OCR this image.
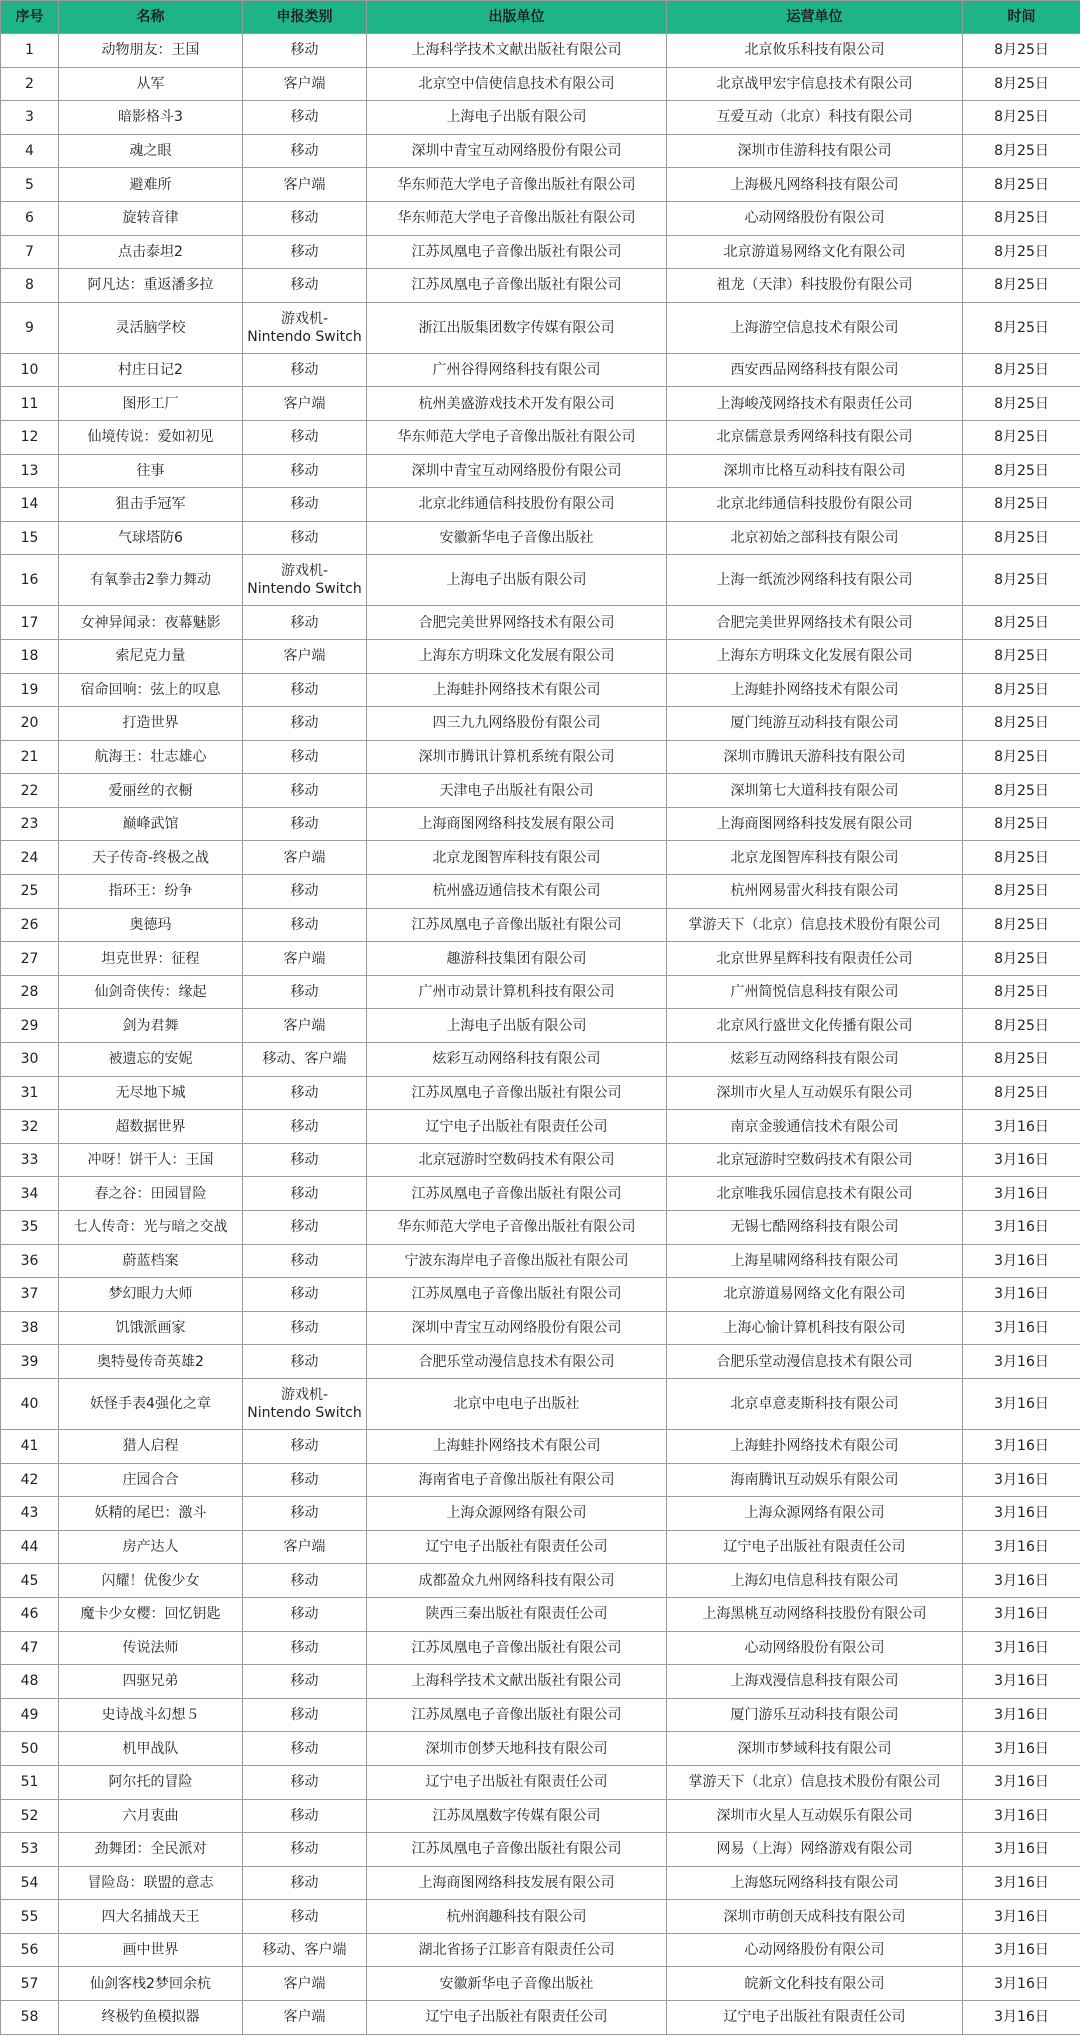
序号	名称	申报类别	出版单位	运营单位	时间
1	动物朋友：王国	移动	上海科学技术文献出版社有限公司	北京攸乐科技有限公司	8月25日
2	从军	客户端	北京空中信使信息技术有限公司	北京战甲宏宇信息技术有限公司	8月25日
3	暗影格斗3	移动	上海电子出版有限公司	互爱互动（北京）科技有限公司	8月25日
4	魂之眼	移动	深圳中青宝互动网络股份有限公司	深圳市佳游科技有限公司	8月25日
5	避难所	客户端	华东师范大学电子音像出版社有限公司	上海极凡网络科技有限公司	8月25日
6	旋转音律	移动	华东师范大学电子音像出版社有限公司	心动网络股份有限公司	8月25日
7	点击泰坦2	移动	江苏凤凰电子音像出版社有限公司	北京游道易网络文化有限公司	8月25日
8	阿凡达：重返潘多拉	移动	江苏凤凰电子音像出版社有限公司	祖龙（天津）科技股份有限公司	8月25日
9	灵活脑学校	游戏机-
Nintendo Switch	浙江出版集团数字传媒有限公司	上海游空信息技术有限公司	8月25日
10	村庄日记2	移动	广州谷得网络科技有限公司	西安西品网络科技有限公司	8月25日
11	图形工厂	客户端	杭州美盛游戏技术开发有限公司	上海峻茂网络技术有限责任公司	8月25日
12	仙境传说：爱如初见	移动	华东师范大学电子音像出版社有限公司	北京儒意景秀网络科技有限公司	8月25日
13	往事	移动	深圳中青宝互动网络股份有限公司	深圳市比格互动科技有限公司	8月25日
14	狙击手冠军	移动	北京北纬通信科技股份有限公司	北京北纬通信科技股份有限公司	8月25日
15	气球塔防6	移动	安徽新华电子音像出版社	北京初始之部科技有限公司	8月25日
16	有氧拳击2拳力舞动	游戏机-
Nintendo Switch	上海电子出版有限公司	上海一纸流沙网络科技有限公司	8月25日
17	女神异闻录：夜幕魅影	移动	合肥完美世界网络技术有限公司	合肥完美世界网络技术有限公司	8月25日
18	索尼克力量	客户端	上海东方明珠文化发展有限公司	上海东方明珠文化发展有限公司	8月25日
19	宿命回响：弦上的叹息	移动	上海蛙扑网络技术有限公司	上海蛙扑网络技术有限公司	8月25日
20	打造世界	移动	四三九九网络股份有限公司	厦门纯游互动科技有限公司	8月25日
21	航海王：壮志雄心	移动	深圳市腾讯计算机系统有限公司	深圳市腾讯天游科技有限公司	8月25日
22	爱丽丝的衣橱	移动	天津电子出版社有限公司	深圳第七大道科技有限公司	8月25日
23	巅峰武馆	移动	上海商图网络科技发展有限公司	上海商图网络科技发展有限公司	8月25日
24	天子传奇-终极之战	客户端	北京龙图智库科技有限公司	北京龙图智库科技有限公司	8月25日
25	指环王：纷争	移动	杭州盛迈通信技术有限公司	杭州网易雷火科技有限公司	8月25日
26	奥德玛	移动	江苏凤凰电子音像出版社有限公司	掌游天下（北京）信息技术股份有限公司	8月25日
27	坦克世界：征程	客户端	趣游科技集团有限公司	北京世界星辉科技有限责任公司	8月25日
28	仙剑奇侠传：缘起	移动	广州市动景计算机科技有限公司	广州简悦信息科技有限公司	8月25日
29	剑为君舞	客户端	上海电子出版有限公司	北京风行盛世文化传播有限公司	8月25日
30	被遗忘的安妮	移动、客户端	炫彩互动网络科技有限公司	炫彩互动网络科技有限公司	8月25日
31	无尽地下城	移动	江苏凤凰电子音像出版社有限公司	深圳市火星人互动娱乐有限公司	8月25日
32	超数据世界	移动	辽宁电子出版社有限责任公司	南京金骏通信技术有限公司	3月16日
33	冲呀！饼干人：王国	移动	北京冠游时空数码技术有限公司	北京冠游时空数码技术有限公司	3月16日
34	春之谷：田园冒险	移动	江苏凤凰电子音像出版社有限公司	北京唯我乐园信息技术有限公司	3月16日
35	七人传奇：光与暗之交战	移动	华东师范大学电子音像出版社有限公司	无锡七酷网络科技有限公司	3月16日
36	蔚蓝档案	移动	宁波东海岸电子音像出版社有限公司	上海星啸网络科技有限公司	3月16日
37	梦幻眼力大师	移动	江苏凤凰电子音像出版社有限公司	北京游道易网络文化有限公司	3月16日
38	饥饿派画家	移动	深圳中青宝互动网络股份有限公司	上海心愉计算机科技有限公司	3月16日
39	奥特曼传奇英雄2	移动	合肥乐堂动漫信息技术有限公司	合肥乐堂动漫信息技术有限公司	3月16日
40	妖怪手表4强化之章	游戏机-
Nintendo Switch	北京中电电子出版社	北京卓意麦斯科技有限公司	3月16日
41	猎人启程	移动	上海蛙扑网络技术有限公司	上海蛙扑网络技术有限公司	3月16日
42	庄园合合	移动	海南省电子音像出版社有限公司	海南腾讯互动娱乐有限公司	3月16日
43	妖精的尾巴：激斗	移动	上海众源网络有限公司	上海众源网络有限公司	3月16日
44	房产达人	客户端	辽宁电子出版社有限责任公司	辽宁电子出版社有限责任公司	3月16日
45	闪耀！优俊少女	移动	成都盈众九州网络科技有限公司	上海幻电信息科技有限公司	3月16日
46	魔卡少女樱：回忆钥匙	移动	陕西三秦出版社有限责任公司	上海黑桃互动网络科技股份有限公司	3月16日
47	传说法师	移动	江苏凤凰电子音像出版社有限公司	心动网络股份有限公司	3月16日
48	四驱兄弟	移动	上海科学技术文献出版社有限公司	上海戏漫信息科技有限公司	3月16日
49	史诗战斗幻想５	移动	江苏凤凰电子音像出版社有限公司	厦门游乐互动科技有限公司	3月16日
50	机甲战队	移动	深圳市创梦天地科技有限公司	深圳市梦域科技有限公司	3月16日
51	阿尔托的冒险	移动	辽宁电子出版社有限责任公司	掌游天下（北京）信息技术股份有限公司	3月16日
52	六月衷曲	移动	江苏凤凰数字传媒有限公司	深圳市火星人互动娱乐有限公司	3月16日
53	劲舞团：全民派对	移动	江苏凤凰电子音像出版社有限公司	网易（上海）网络游戏有限公司	3月16日
54	冒险岛：联盟的意志	移动	上海商图网络科技发展有限公司	上海悠玩网络科技有限公司	3月16日
55	四大名捕战天王	移动	杭州润趣科技有限公司	深圳市萌创天成科技有限公司	3月16日
56	画中世界	移动、客户端	湖北省扬子江影音有限责任公司	心动网络股份有限公司	3月16日
57	仙剑客栈2梦回余杭	客户端	安徽新华电子音像出版社	皖新文化科技有限公司	3月16日
58	终极钓鱼模拟器	客户端	辽宁电子出版社有限责任公司	辽宁电子出版社有限责任公司	3月16日
